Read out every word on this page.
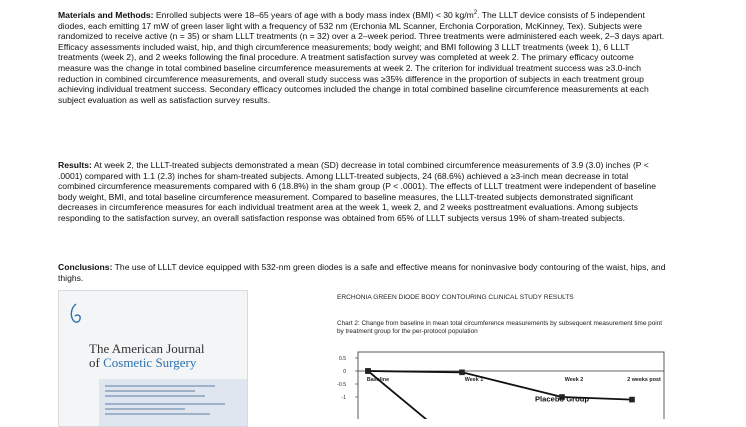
Materials and Methods: Enrolled subjects were 18–65 years of age with a body mass index (BMI) < 30 $kg/m^2$. The LLLT device consists of 5 independent diodes, each emitting 17 mW of green laser light with a frequency of 532 nm (Erchonia ML Scanner, Erchonia Corporation, McKinney, Tex). Subjects were randomized to receive active (n = 35) or sham LLLT treatments (n = 32) over a 2–week period. Three treatments were administered each week, 2–3 days apart. Efficacy assessments included waist, hip, and thigh circumference measurements; body weight; and BMI following 3 LLLT treatments (week 1), 6 LLLT treatments (week 2), and 2 weeks following the final procedure. A treatment satisfaction survey was completed at week 2. The primary efficacy outcome measure was the change in total combined baseline circumference measurements at week 2. The criterion for individual treatment success was ≥3.0-inch reduction in combined circumference measurements, and overall study success was ≥35% difference in the proportion of subjects in each treatment group achieving individual treatment success. Secondary efficacy outcomes included the change in total combined baseline circumference measurements at each subject evaluation as well as satisfaction survey results.

Results: At week 2, the LLLT-treated subjects demonstrated a mean (SD) decrease in total combined circumference measurements of 3.9 (3.0) inches (P < .0001) compared with 1.1 (2.3) inches for sham-treated subjects. Among LLLT-treated subjects, 24 (68.6%) achieved a ≥3-inch mean decrease in total combined circumference measurements compared with 6 (18.8%) in the sham group (P < .0001). The effects of LLLT treatment were independent of baseline body weight, BMI, and total baseline circumference measurement. Compared to baseline measures, the LLLT-treated subjects demonstrated significant decreases in circumference measures for each individual treatment area at the week 1, week 2, and 2 weeks posttreatment evaluations. Among subjects responding to the satisfaction survey, an overall satisfaction response was obtained from 65% of LLLT subjects versus 19% of sham-treated subjects.

Conclusions: The use of LLLT device equipped with 532-nm green diodes is a safe and effective means for noninvasive body contouring of the waist, hips, and thighs.

The American Journal
of Cosmetic Surgery
ERCHONIA GREEN DIODE BODY CONTOURING CLINICAL STUDY RESULTS
Chart 2: Change from baseline in mean total circumference measurements by subsequent measurement time point by treatment group for the per-protocol population
0.5
0
-0.5
-1
Baseline	Week 1	Week 2	2 weeks post
Placebo Group
